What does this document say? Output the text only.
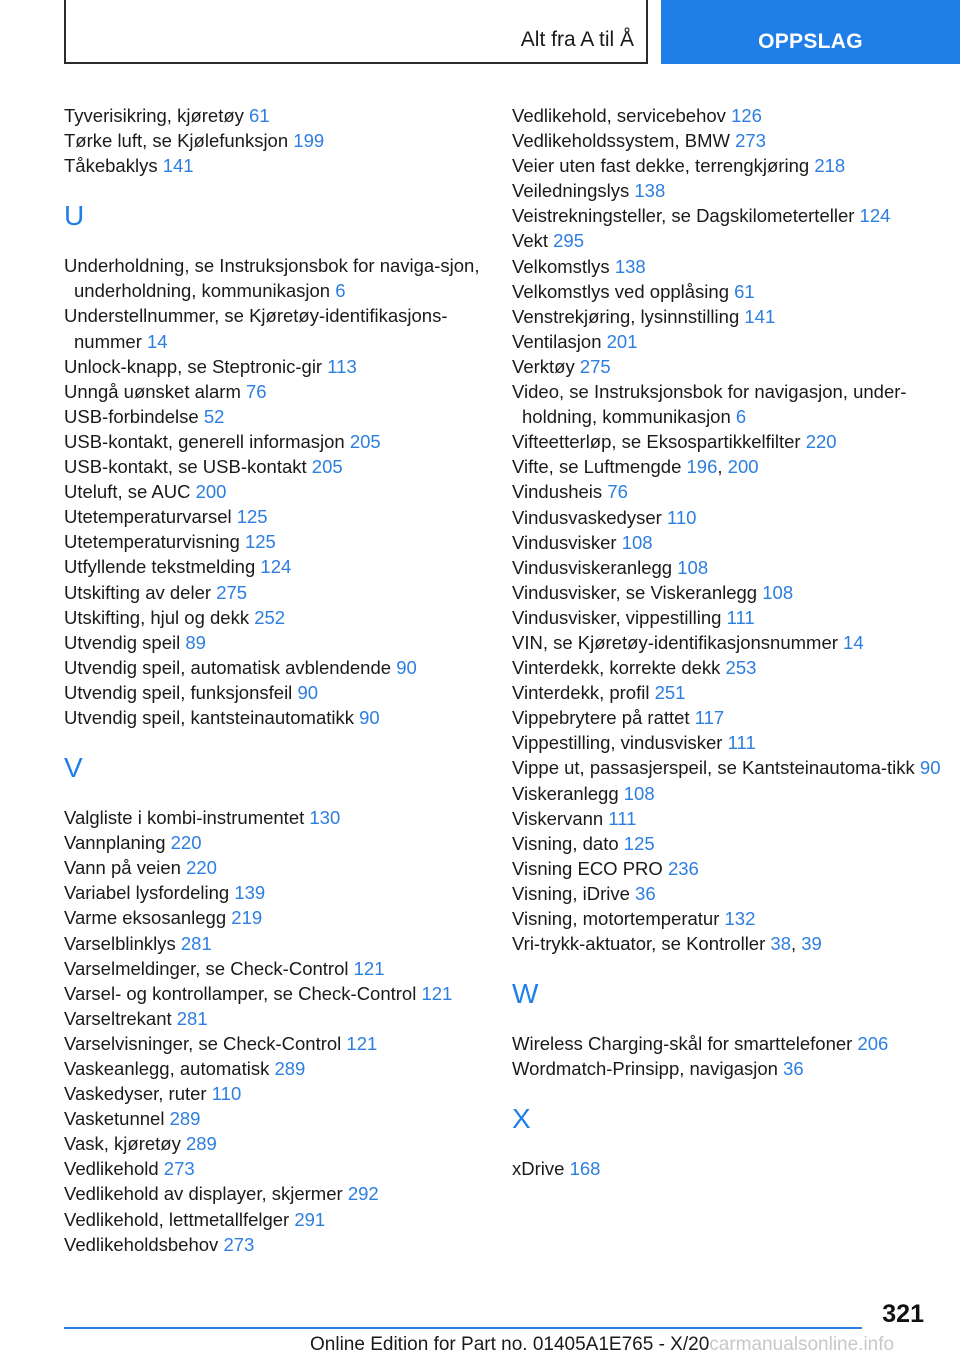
Alt fra A til Å	OPPSLAG
Tyverisikring, kjøretøy 61
Tørke luft, se Kjølefunksjon 199
Tåkebaklys 141
U
Underholdning, se Instruksjonsbok for naviga-sjon, underholdning, kommunikasjon 6
Understellnummer, se Kjøretøy-identifikasjons-nummer 14
Unlock-knapp, se Steptronic-gir 113
Unngå uønsket alarm 76
USB-forbindelse 52
USB-kontakt, generell informasjon 205
USB-kontakt, se USB-kontakt 205
Uteluft, se AUC 200
Utetemperaturvarsel 125
Utetemperaturvisning 125
Utfyllende tekstmelding 124
Utskifting av deler 275
Utskifting, hjul og dekk 252
Utvendig speil 89
Utvendig speil, automatisk avblendende 90
Utvendig speil, funksjonsfeil 90
Utvendig speil, kantsteinautomatikk 90
V
Valgliste i kombi-instrumentet 130
Vannplaning 220
Vann på veien 220
Variabel lysfordeling 139
Varme eksosanlegg 219
Varselblinklys 281
Varselmeldinger, se Check-Control 121
Varsel- og kontrollamper, se Check-Control 121
Varseltrekant 281
Varselvisninger, se Check-Control 121
Vaskeanlegg, automatisk 289
Vaskedyser, ruter 110
Vasketunnel 289
Vask, kjøretøy 289
Vedlikehold 273
Vedlikehold av displayer, skjermer 292
Vedlikehold, lettmetallfelger 291
Vedlikeholdsbehov 273
Vedlikehold, servicebehov 126
Vedlikeholdssystem, BMW 273
Veier uten fast dekke, terrengkjøring 218
Veiledningslys 138
Veistrekningsteller, se Dagskilometerteller 124
Vekt 295
Velkomstlys 138
Velkomstlys ved opplåsing 61
Venstrekjøring, lysinnstilling 141
Ventilasjon 201
Verktøy 275
Video, se Instruksjonsbok for navigasjon, under-holdning, kommunikasjon 6
Vifteetterløp, se Eksospartikkelfilter 220
Vifte, se Luftmengde 196, 200
Vindusheis 76
Vindusvaskedyser 110
Vindusvisker 108
Vindusviskeranlegg 108
Vindusvisker, se Viskeranlegg 108
Vindusvisker, vippestilling 111
VIN, se Kjøretøy-identifikasjonsnummer 14
Vinterdekk, korrekte dekk 253
Vinterdekk, profil 251
Vippebrytere på rattet 117
Vippestilling, vindusvisker 111
Vippe ut, passasjerspeil, se Kantsteinautoma-tikk 90
Viskeranlegg 108
Viskervann 111
Visning, dato 125
Visning ECO PRO 236
Visning, iDrive 36
Visning, motortemperatur 132
Vri-trykk-aktuator, se Kontroller 38, 39
W
Wireless Charging-skål for smarttelefoner 206
Wordmatch-Prinsipp, navigasjon 36
X
xDrive 168
321
Online Edition for Part no. 01405A1E765 - X/20carmanualsonline.info
